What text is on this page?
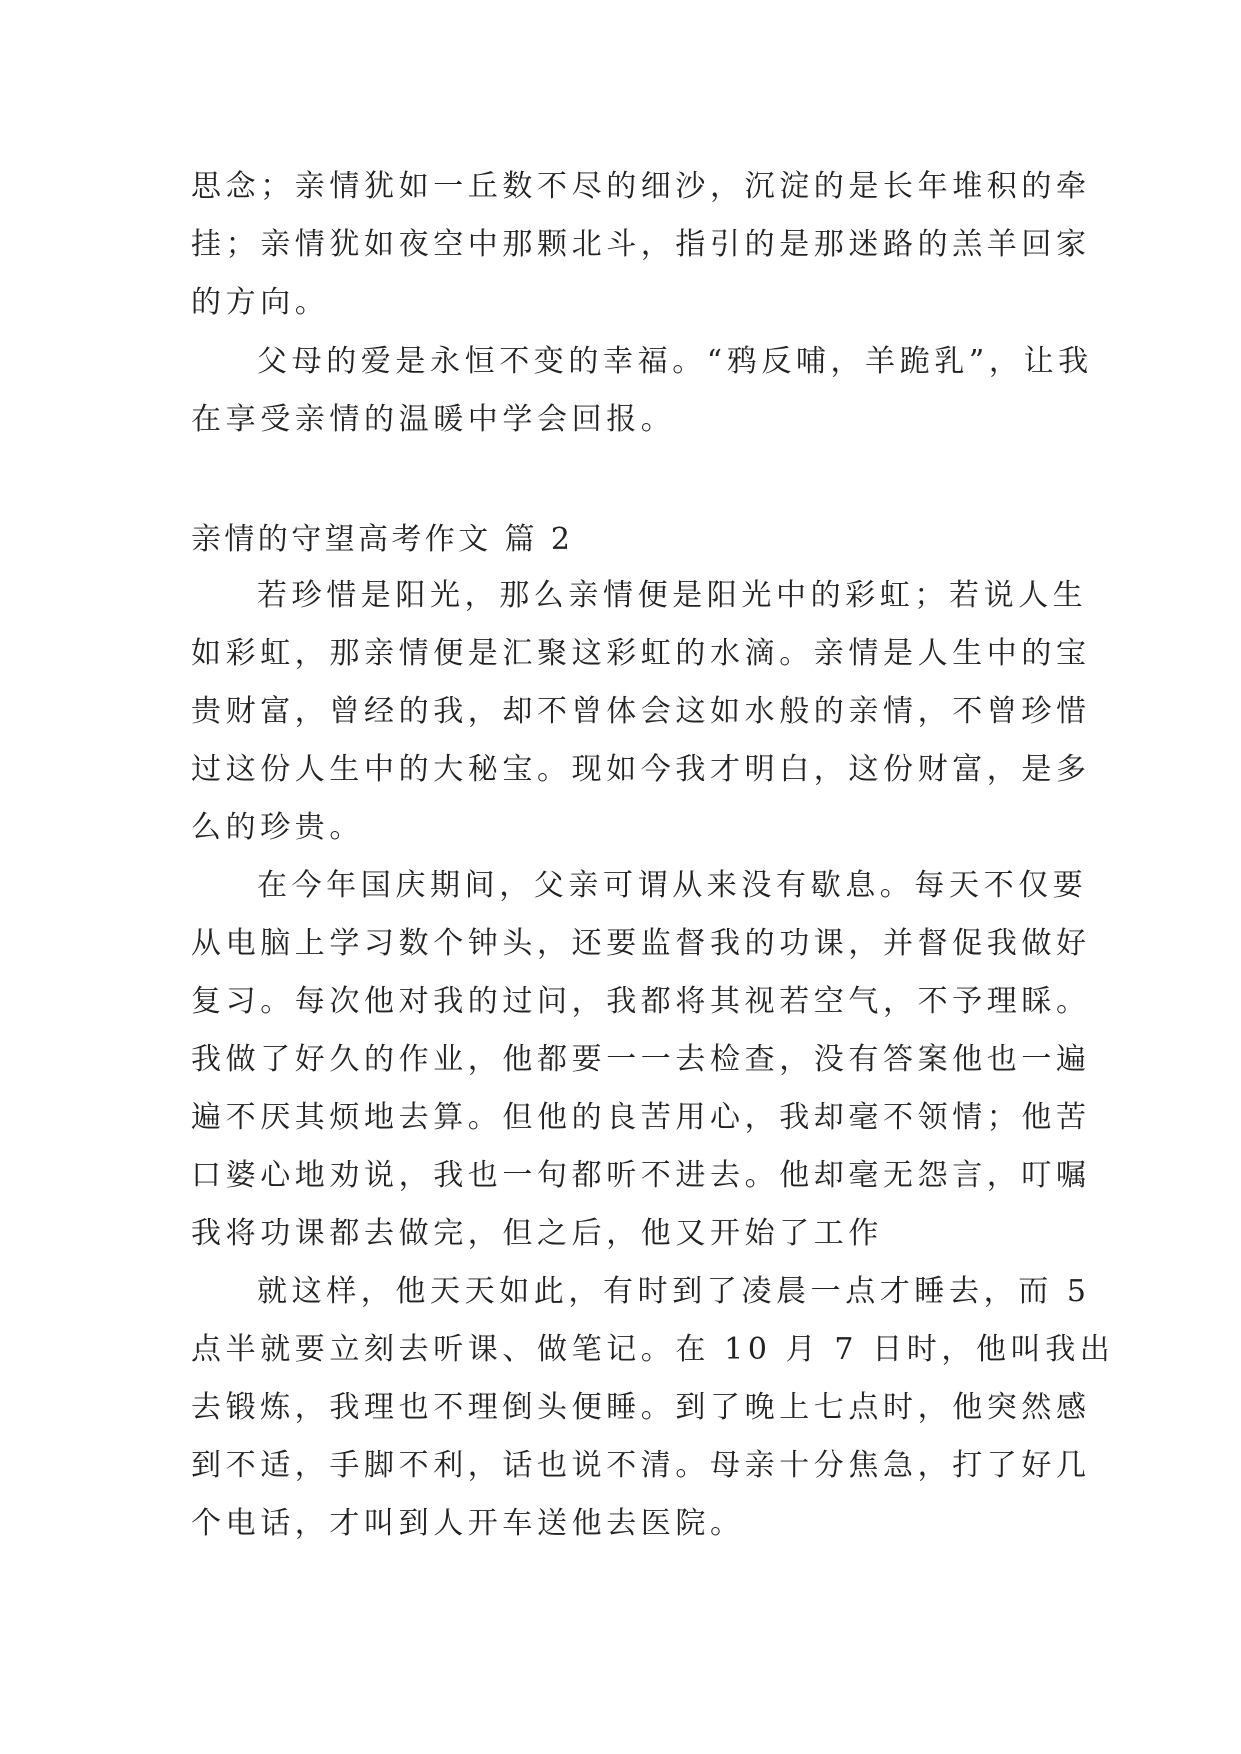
思念；亲情犹如一丘数不尽的细沙，沉淀的是长年堆积的牵
挂；亲情犹如夜空中那颗北斗，指引的是那迷路的羔羊回家
的方向。
父母的爱是永恒不变的幸福。“鸦反哺，羊跪乳”，让我
在享受亲情的温暖中学会回报。
亲情的守望高考作文 篇 2
若珍惜是阳光，那么亲情便是阳光中的彩虹；若说人生
如彩虹，那亲情便是汇聚这彩虹的水滴。亲情是人生中的宝
贵财富，曾经的我，却不曾体会这如水般的亲情，不曾珍惜
过这份人生中的大秘宝。现如今我才明白，这份财富，是多
么的珍贵。
在今年国庆期间，父亲可谓从来没有歇息。每天不仅要
从电脑上学习数个钟头，还要监督我的功课，并督促我做好
复习。每次他对我的过问，我都将其视若空气，不予理睬。
我做了好久的作业，他都要一一去检查，没有答案他也一遍
遍不厌其烦地去算。但他的良苦用心，我却毫不领情；他苦
口婆心地劝说，我也一句都听不进去。他却毫无怨言，叮嘱
我将功课都去做完，但之后，他又开始了工作
就这样，他天天如此，有时到了凌晨一点才睡去，而 5
点半就要立刻去听课、做笔记。在 10 月 7 日时，他叫我出
去锻炼，我理也不理倒头便睡。到了晚上七点时，他突然感
到不适，手脚不利，话也说不清。母亲十分焦急，打了好几
个电话，才叫到人开车送他去医院。
